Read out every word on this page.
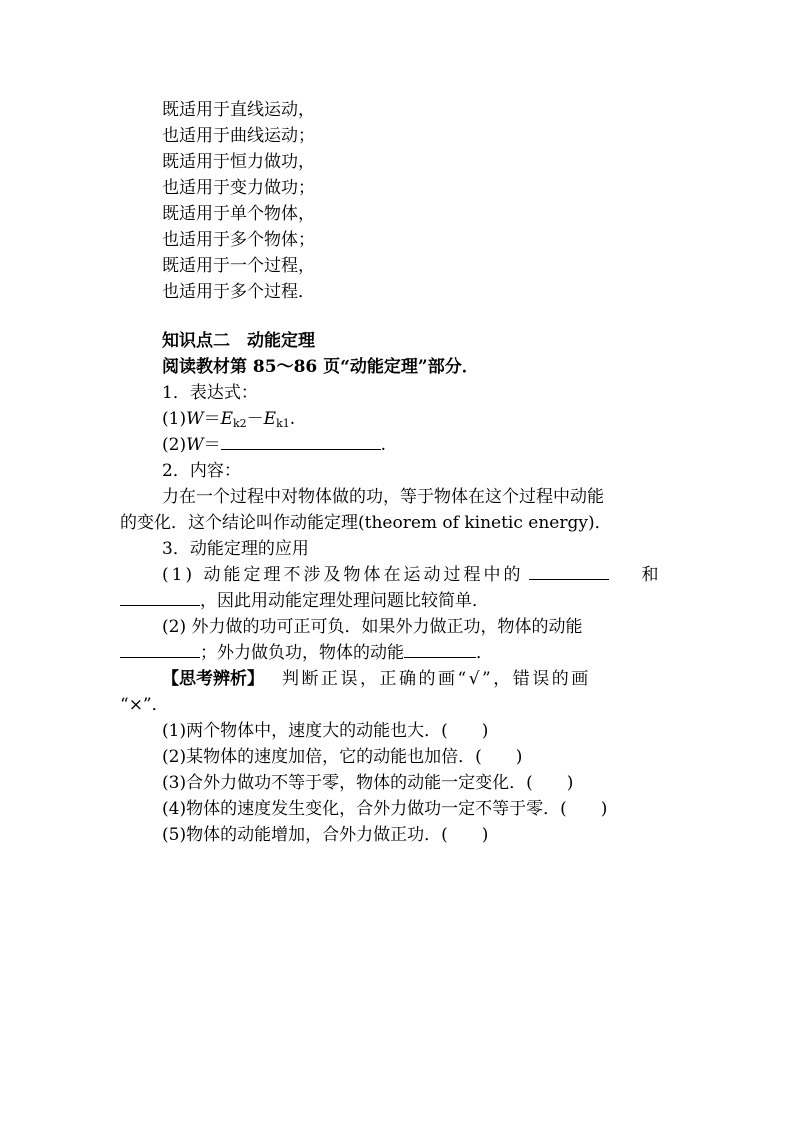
既适用于直线运动，
也适用于曲线运动；
既适用于恒力做功，
也适用于变力做功；
既适用于单个物体，
也适用于多个物体；
既适用于一个过程，
也适用于多个过程．
知识点二　动能定理
阅读教材第 85～86 页“动能定理”部分．
1．表达式：
$(1)W=E_{k2}-E_{k1}$.
(2)W＝	.
2．内容：
力在一个过程中对物体做的功，等于物体在这个过程中动能
的变化．这个结论叫作动能定理(theorem of kinetic energy)．
3．动能定理的应用
(1) 动能定理不涉及物体在运动过程中的	和
，因此用动能定理处理问题比较简单．
(2) 外力做的功可正可负．如果外力做正功，物体的动能
；外力做负功，物体的动能	．
【思考辨析】 判断正误，正确的画“√”，错误的画
“×”．
(1)两个物体中，速度大的动能也大．(　　)
(2)某物体的速度加倍，它的动能也加倍．(　　)
(3)合外力做功不等于零，物体的动能一定变化．(　　)
(4)物体的速度发生变化，合外力做功一定不等于零．(　　)
(5)物体的动能增加，合外力做正功．(　　)
